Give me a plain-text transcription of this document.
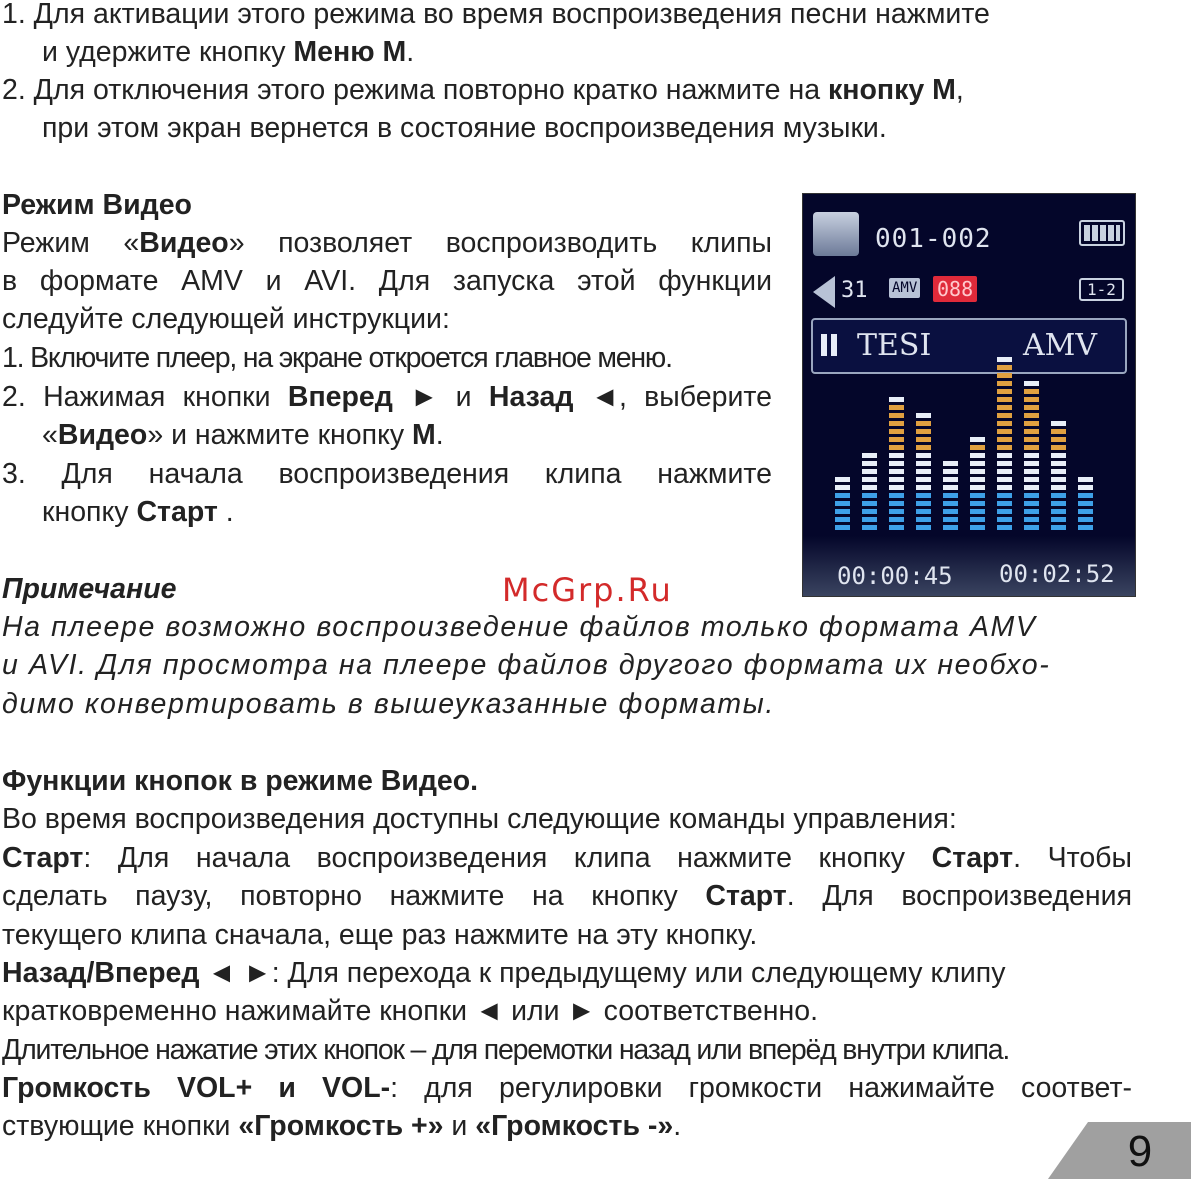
1. Для активации этого режима во время воспроизведения песни нажмите

и удержите кнопку Меню М.

2. Для отключения этого режима повторно кратко нажмите на кнопку М,

при этом экран вернется в состояние воспроизведения музыки.

Режим Видео

Режим «Видео» позволяет воспроизводить клипы

в формате AMV и AVI. Для запуска этой функции

следуйте следующей инструкции:

1. Включите плеер, на экране откроется главное меню.

2. Нажимая кнопки Вперед ► и Назад ◄, выберите

«Видео» и нажмите кнопку М.

3. Для начала воспроизведения клипа нажмите

кнопку Старт .

001-002
31 AMV 088	1-2
TESI	AMV
00:00:45 00:02:52
McGrp.Ru

Примечание

На плеере возможно воспроизведение файлов только формата AMV

и AVI. Для просмотра на плеере файлов другого формата их необхо-

димо конвертировать в вышеуказанные форматы.

Функции кнопок в режиме Видео.

Во время воспроизведения доступны следующие команды управления:

Старт: Для начала воспроизведения клипа нажмите кнопку Старт. Чтобы

сделать паузу, повторно нажмите на кнопку Старт. Для воспроизведения

текущего клипа сначала, еще раз нажмите на эту кнопку.

Назад/Вперед ◄ ►: Для перехода к предыдущему или следующему клипу

кратковременно нажимайте кнопки ◄ или ► соответственно.

Длительное нажатие этих кнопок – для перемотки назад или вперёд внутри клипа.

Громкость VOL+ и VOL-: для регулировки громкости нажимайте соответ-

ствующие кнопки «Громкость +» и «Громкость -».

9
